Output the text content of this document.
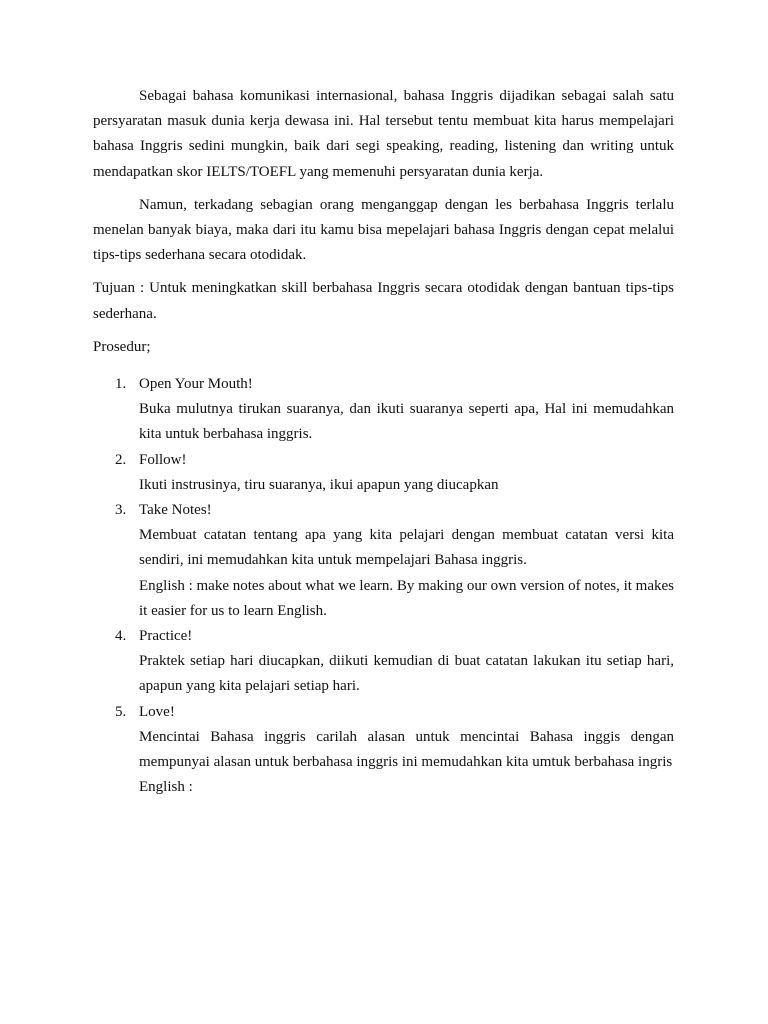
Sebagai bahasa komunikasi internasional, bahasa Inggris dijadikan sebagai salah satu persyaratan masuk dunia kerja dewasa ini. Hal tersebut tentu membuat kita harus mempelajari bahasa Inggris sedini mungkin, baik dari segi speaking, reading, listening dan writing untuk mendapatkan skor IELTS/TOEFL yang memenuhi persyaratan dunia kerja.

Namun, terkadang sebagian orang menganggap dengan les berbahasa Inggris terlalu menelan banyak biaya, maka dari itu kamu bisa mepelajari bahasa Inggris dengan cepat melalui tips-tips sederhana secara otodidak.

Tujuan : Untuk meningkatkan skill berbahasa Inggris secara otodidak dengan bantuan tips-tips sederhana.

Prosedur;

1. Open Your Mouth!

Buka mulutnya tirukan suaranya, dan ikuti suaranya seperti apa, Hal ini memudahkan kita untuk berbahasa inggris.

2. Follow!

Ikuti instrusinya, tiru suaranya, ikui apapun yang diucapkan

3. Take Notes!

Membuat catatan tentang apa yang kita pelajari dengan membuat catatan versi kita sendiri, ini memudahkan kita untuk mempelajari Bahasa inggris.

English : make notes about what we learn. By making our own version of notes, it makes it easier for us to learn English.

4. Practice!

Praktek setiap hari diucapkan, diikuti kemudian di buat catatan lakukan itu setiap hari, apapun yang kita pelajari setiap hari.

5. Love!

Mencintai Bahasa inggris carilah alasan untuk mencintai Bahasa inggis dengan mempunyai alasan untuk berbahasa inggris ini memudahkan kita umtuk berbahasa ingris

English :
